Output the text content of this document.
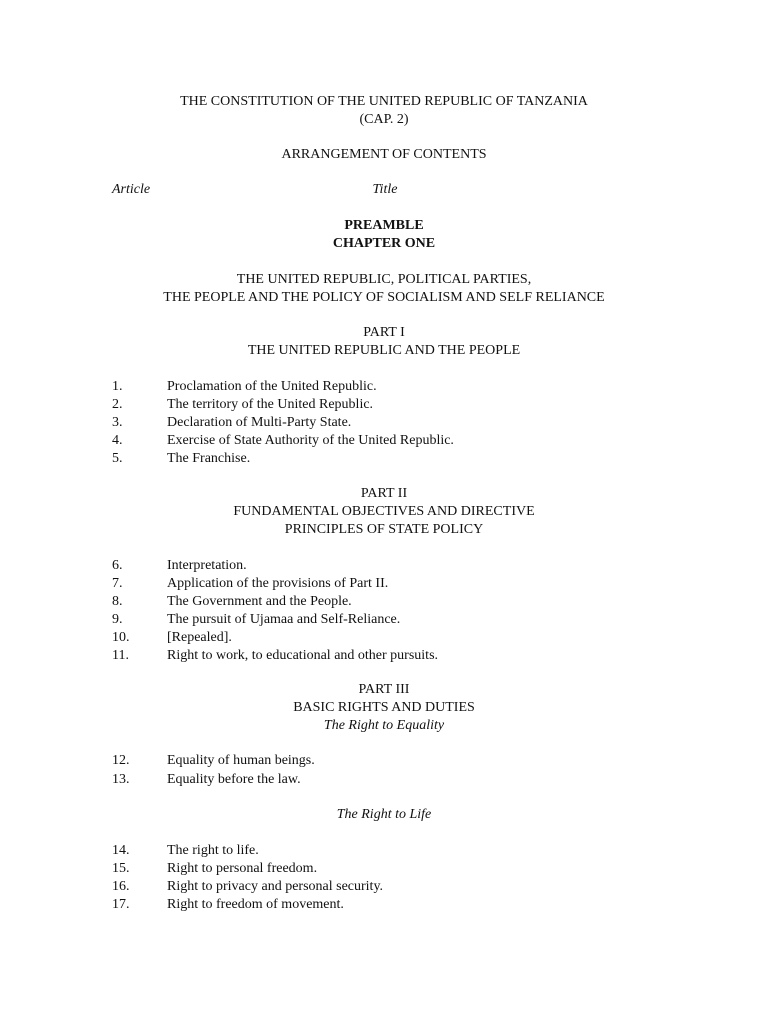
THE CONSTITUTION OF THE UNITED REPUBLIC OF TANZANIA
(CAP. 2)
ARRANGEMENT OF CONTENTS
Article	Title
PREAMBLE
CHAPTER ONE
THE UNITED REPUBLIC, POLITICAL PARTIES,
THE PEOPLE AND THE POLICY OF SOCIALISM AND SELF RELIANCE
PART I
THE UNITED REPUBLIC AND THE PEOPLE
1.	Proclamation of the United Republic.
2.	The territory of the United Republic.
3.	Declaration of Multi-Party State.
4.	Exercise of State Authority of the United Republic.
5.	The Franchise.
PART II
FUNDAMENTAL OBJECTIVES AND DIRECTIVE
PRINCIPLES OF STATE POLICY
6.	Interpretation.
7.	Application of the provisions of Part II.
8.	The Government and the People.
9.	The pursuit of Ujamaa and Self-Reliance.
10.	[Repealed].
11.	Right to work, to educational and other pursuits.
PART III
BASIC RIGHTS AND DUTIES
The Right to Equality
12.	Equality of human beings.
13.	Equality before the law.
The Right to Life
14.	The right to life.
15.	Right to personal freedom.
16.	Right to privacy and personal security.
17.	Right to freedom of movement.
